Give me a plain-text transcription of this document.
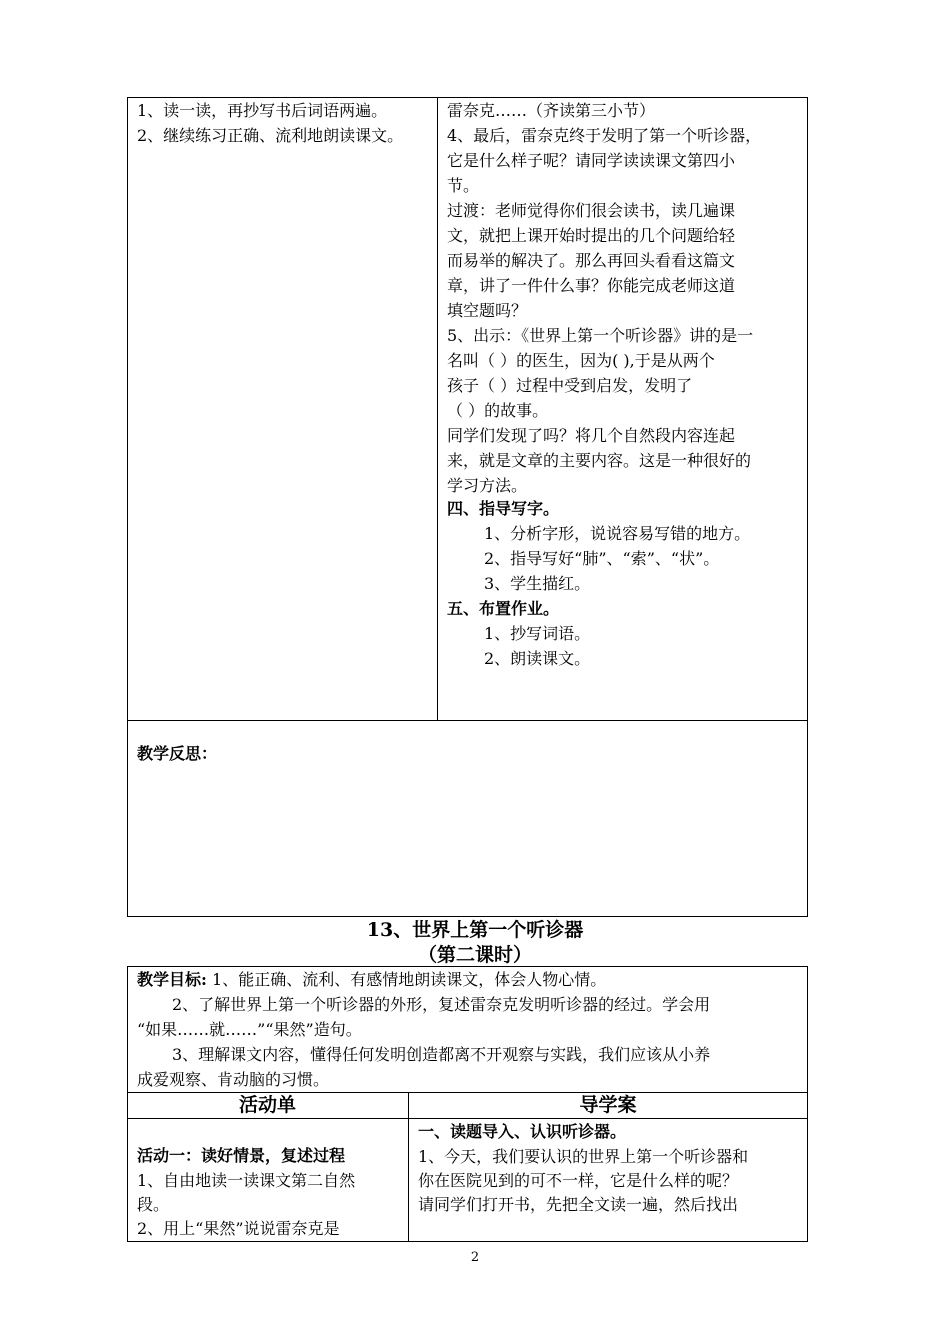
1、读一读，再抄写书后词语两遍。
2、继续练习正确、流利地朗读课文。
雷奈克……（齐读第三小节）
4、最后，雷奈克终于发明了第一个听诊器，
它是什么样子呢？请同学读读课文第四小
节。
过渡：老师觉得你们很会读书，读几遍课
文，就把上课开始时提出的几个问题给轻
而易举的解决了。那么再回头看看这篇文
章，讲了一件什么事？你能完成老师这道
填空题吗？
5、出示：《世界上第一个听诊器》讲的是一
名叫（ ）的医生，因为( ),于是从两个
孩子（ ）过程中受到启发，发明了
（ ）的故事。
同学们发现了吗？将几个自然段内容连起
来，就是文章的主要内容。这是一种很好的
学习方法。
四、指导写字。
五、布置作业。
1、分析字形，说说容易写错的地方。
2、指导写好“肺”、“索”、“状”。
3、学生描红。
1、抄写词语。
2、朗读课文。
教学反思：
13、世界上第一个听诊器
（第二课时）
教学目标: 1、能正确、流利、有感情地朗读课文，体会人物心情。
2、了解世界上第一个听诊器的外形，复述雷奈克发明听诊器的经过。学会用
“如果……就……”“果然”造句。
3、理解课文内容，懂得任何发明创造都离不开观察与实践，我们应该从小养
成爱观察、肯动脑的习惯。
活动单	导学案
活动一：读好情景，复述过程
1、自由地读一读课文第二自然
段。
2、用上“果然”说说雷奈克是
一、读题导入、认识听诊器。
1、今天，我们要认识的世界上第一个听诊器和
你在医院见到的可不一样，它是什么样的呢？
请同学们打开书，先把全文读一遍，然后找出
2
